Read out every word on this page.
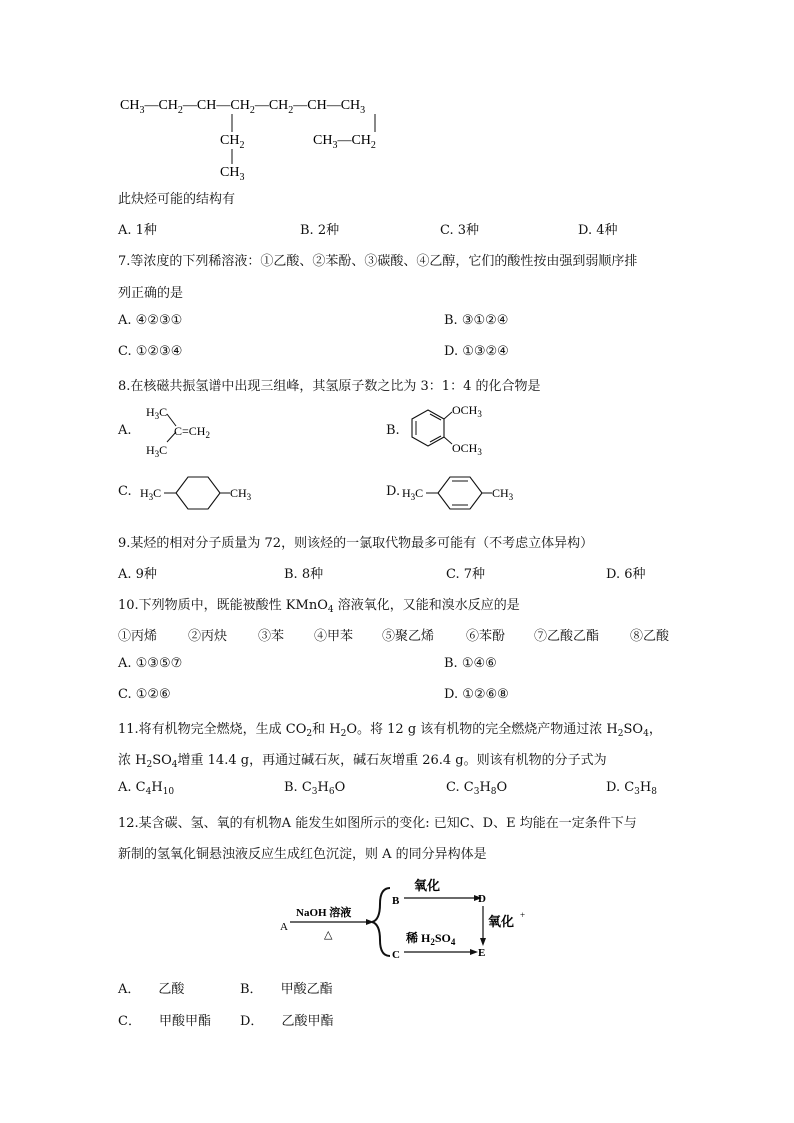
$CH_3—CH_2—CH—CH_2—CH_2—CH—CH_3$
$CH_2$
$CH_3$
$CH_3—CH_2$
此炔烃可能的结构有
A. 1种	B. 2种	C. 3种	D. 4种
7.等浓度的下列稀溶液：①乙酸、②苯酚、③碳酸、④乙醇，它们的酸性按由强到弱顺序排
列正确的是
A. ④②③①	B. ③①②④
C. ①②③④	D. ①③②④
8.在核磁共振氢谱中出现三组峰，其氢原子数之比为 3：1：4 的化合物是
A.
$H_3C$
$H_3C$
$C=CH_2$	B.
$OCH_3$
$OCH_3$
C. $H_3C$	$CH_3$	D. $H_3C$	$CH_3$
9.某烃的相对分子质量为 72，则该烃的一氯取代物最多可能有（不考虑立体异构）
A. 9种	B. 8种	C. 7种	D. 6种
10.下列物质中，既能被酸性 KMnO$_4$ 溶液氧化，又能和溴水反应的是
①丙烯 ②丙炔 ③苯 ④甲苯 ⑤聚乙烯 ⑥苯酚 ⑦乙酸乙酯 ⑧乙酸
A. ①③⑤⑦	B. ①④⑥
C. ①②⑥	D. ①②⑥⑧
11.将有机物完全燃烧，生成 $CO_2$和 $H_2O$。将 12 g 该有机物的完全燃烧产物通过浓 $H_2SO_4$，
浓 $H_2SO_4$增重 14.4 g，再通过碱石灰，碱石灰增重 26.4 g。则该有机物的分子式为
A. $C_4H_{10}$	B. $C_3H_6O$	C. $C_3H_8O$	D. $C_3H_8$
12.某含碳、氢、氧的有机物A 能发生如图所示的变化: 已知C、D、E 均能在一定条件下与
新制的氢氧化铜悬浊液反应生成红色沉淀，则 A 的同分异构体是
A
NaOH 溶液
△
B
氧化
D
氧化 +
C
稀 $H_2SO_4$
E
A． 乙酸	B． 甲酸乙酯
C． 甲酸甲酯 D． 乙酸甲酯
